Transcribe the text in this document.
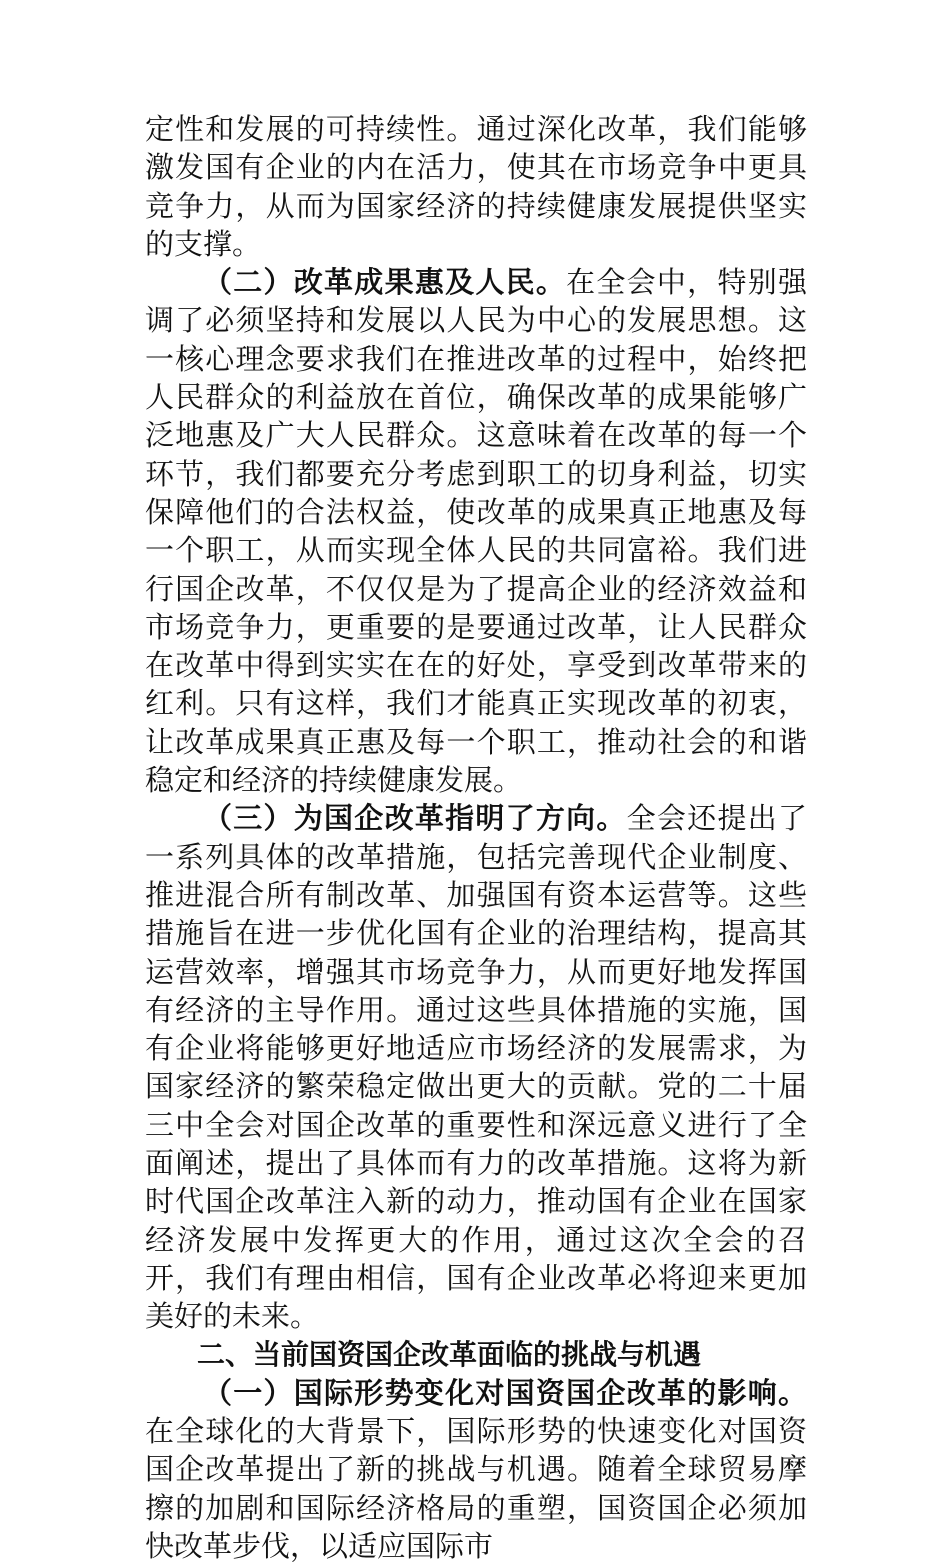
定性和发展的可持续性。通过深化改革，我们能够激发国有企业的内在活力，使其在市场竞争中更具竞争力，从而为国家经济的持续健康发展提供坚实的支撑。

（二）改革成果惠及人民。在全会中，特别强调了必须坚持和发展以人民为中心的发展思想。这一核心理念要求我们在推进改革的过程中，始终把人民群众的利益放在首位，确保改革的成果能够广泛地惠及广大人民群众。这意味着在改革的每一个环节，我们都要充分考虑到职工的切身利益，切实保障他们的合法权益，使改革的成果真正地惠及每一个职工，从而实现全体人民的共同富裕。我们进行国企改革，不仅仅是为了提高企业的经济效益和市场竞争力，更重要的是要通过改革，让人民群众在改革中得到实实在在的好处，享受到改革带来的红利。只有这样，我们才能真正实现改革的初衷，让改革成果真正惠及每一个职工，推动社会的和谐稳定和经济的持续健康发展。

（三）为国企改革指明了方向。全会还提出了一系列具体的改革措施，包括完善现代企业制度、推进混合所有制改革、加强国有资本运营等。这些措施旨在进一步优化国有企业的治理结构，提高其运营效率，增强其市场竞争力，从而更好地发挥国有经济的主导作用。通过这些具体措施的实施，国有企业将能够更好地适应市场经济的发展需求，为国家经济的繁荣稳定做出更大的贡献。党的二十届三中全会对国企改革的重要性和深远意义进行了全面阐述，提出了具体而有力的改革措施。这将为新时代国企改革注入新的动力，推动国有企业在国家经济发展中发挥更大的作用，通过这次全会的召开，我们有理由相信，国有企业改革必将迎来更加美好的未来。

二、当前国资国企改革面临的挑战与机遇

（一）国际形势变化对国资国企改革的影响。在全球化的大背景下，国际形势的快速变化对国资国企改革提出了新的挑战与机遇。随着全球贸易摩擦的加剧和国际经济格局的重塑，国资国企必须加快改革步伐，以适应国际市
